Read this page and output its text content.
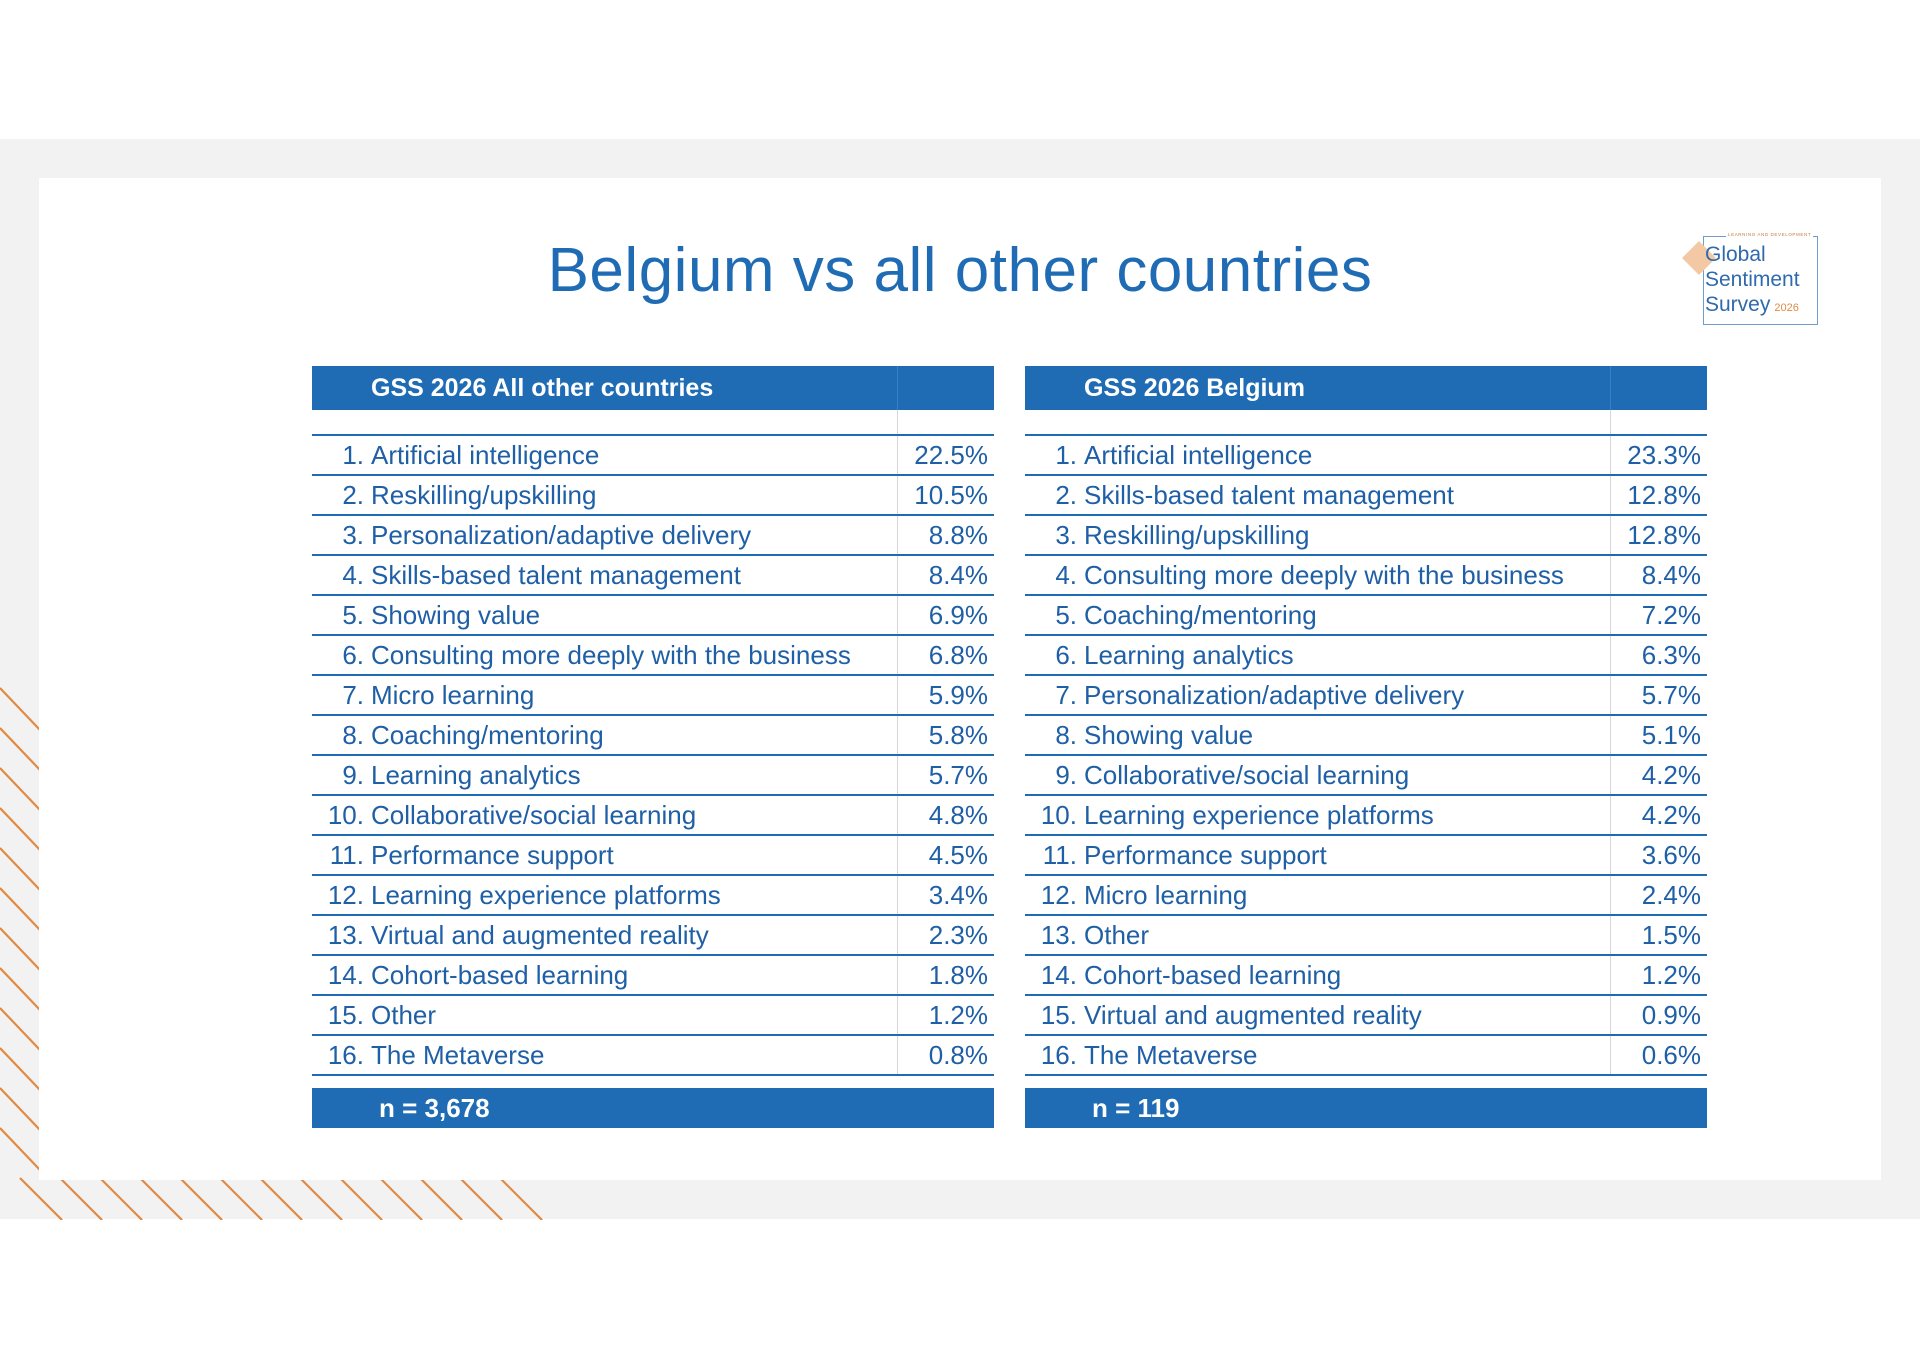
Belgium vs all other countries
LEARNING AND DEVELOPMENT
Global
Sentiment
Survey 2026
GSS 2026 All other countries
1. Artificial intelligence	22.5%
2. Reskilling/upskilling	10.5%
3. Personalization/adaptive delivery	8.8%
4. Skills-based talent management	8.4%
5. Showing value	6.9%
6. Consulting more deeply with the business	6.8%
7. Micro learning	5.9%
8. Coaching/mentoring	5.8%
9. Learning analytics	5.7%
10. Collaborative/social learning	4.8%
11. Performance support	4.5%
12. Learning experience platforms	3.4%
13. Virtual and augmented reality	2.3%
14. Cohort-based learning	1.8%
15. Other	1.2%
16. The Metaverse	0.8%
n = 3,678
GSS 2026 Belgium
1. Artificial intelligence	23.3%
2. Skills-based talent management	12.8%
3. Reskilling/upskilling	12.8%
4. Consulting more deeply with the business	8.4%
5. Coaching/mentoring	7.2%
6. Learning analytics	6.3%
7. Personalization/adaptive delivery	5.7%
8. Showing value	5.1%
9. Collaborative/social learning	4.2%
10. Learning experience platforms	4.2%
11. Performance support	3.6%
12. Micro learning	2.4%
13. Other	1.5%
14. Cohort-based learning	1.2%
15. Virtual and augmented reality	0.9%
16. The Metaverse	0.6%
n = 119
